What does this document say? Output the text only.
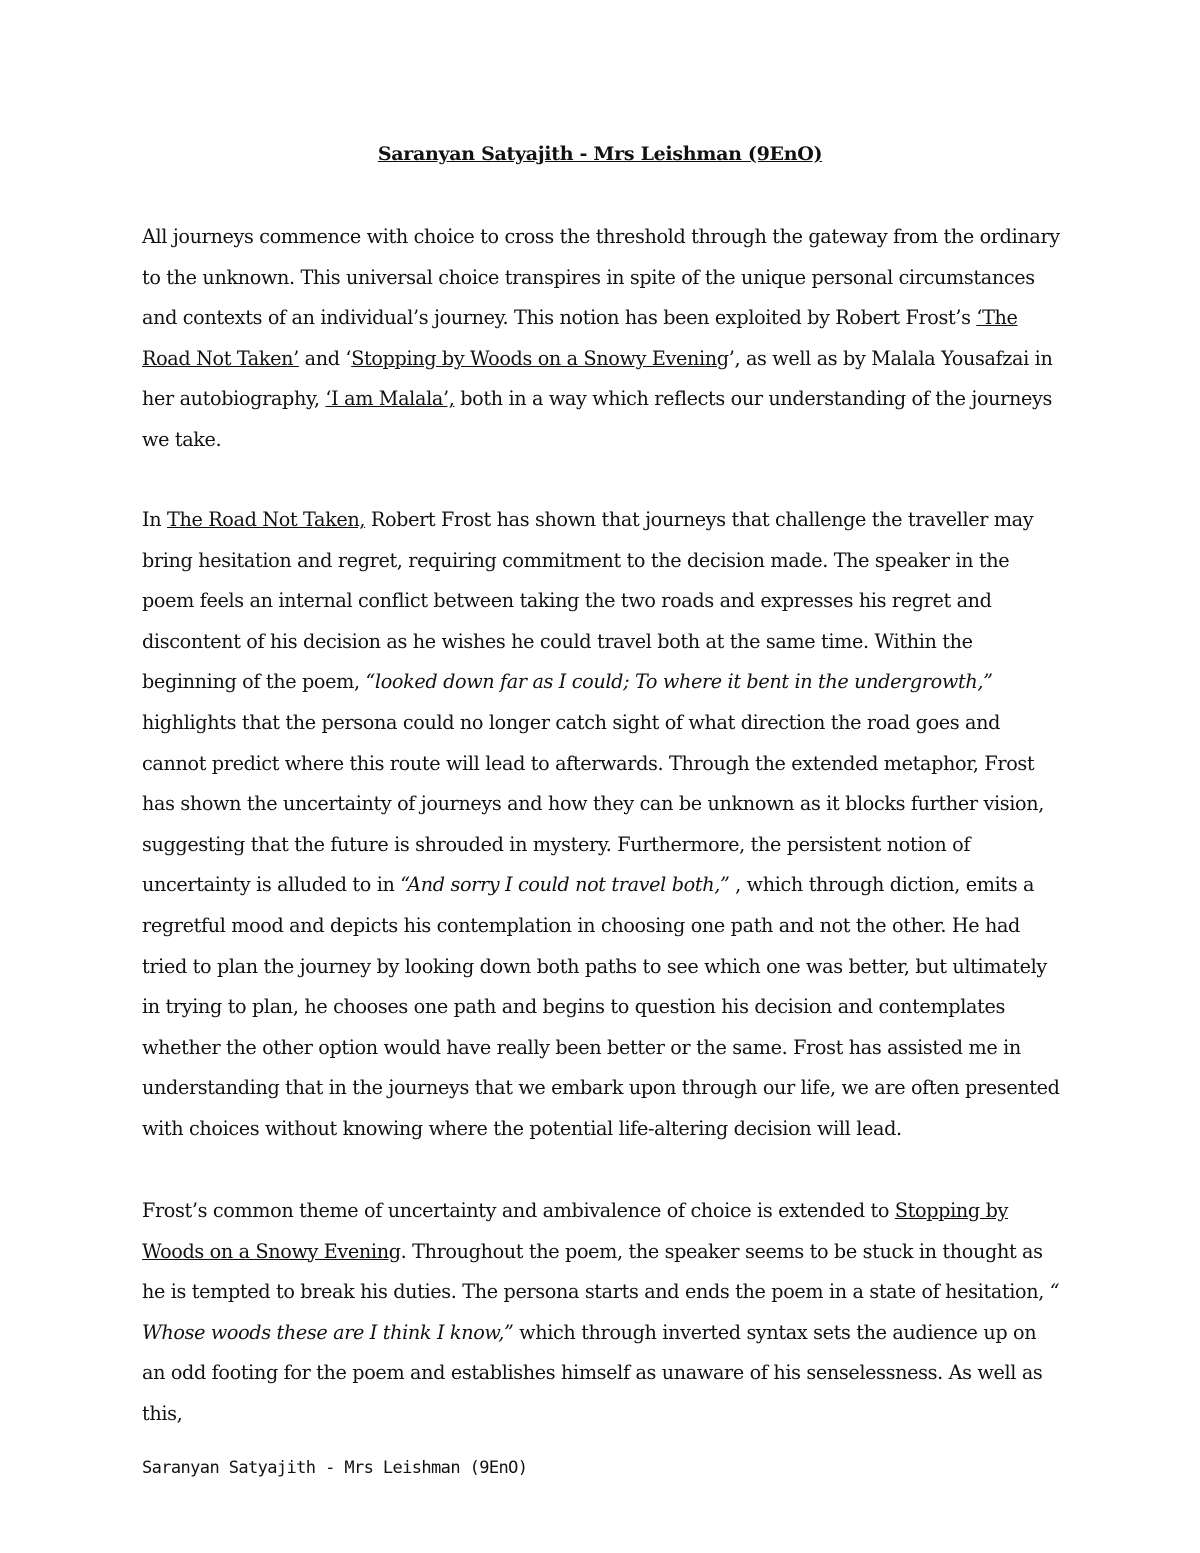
Saranyan Satyajith - Mrs Leishman (9EnO)

All journeys commence with choice to cross the threshold through the gateway from the ordinary to the unknown. This universal choice transpires in spite of the unique personal circumstances and contexts of an individual’s journey. This notion has been exploited by Robert Frost’s ‘The Road Not Taken’ and ‘Stopping by Woods on a Snowy Evening’, as well as by Malala Yousafzai in her autobiography, ‘I am Malala’, both in a way which reflects our understanding of the journeys we take.

In The Road Not Taken, Robert Frost has shown that journeys that challenge the traveller may bring hesitation and regret, requiring commitment to the decision made. The speaker in the poem feels an internal conflict between taking the two roads and expresses his regret and discontent of his decision as he wishes he could travel both at the same time. Within the beginning of the poem, “looked down far as I could; To where it bent in the undergrowth,” highlights that the persona could no longer catch sight of what direction the road goes and cannot predict where this route will lead to afterwards. Through the extended metaphor, Frost has shown the uncertainty of journeys and how they can be unknown as it blocks further vision, suggesting that the future is shrouded in mystery. Furthermore, the persistent notion of uncertainty is alluded to in “And sorry I could not travel both,” , which through diction, emits a regretful mood and depicts his contemplation in choosing one path and not the other. He had tried to plan the journey by looking down both paths to see which one was better, but ultimately in trying to plan, he chooses one path and begins to question his decision and contemplates whether the other option would have really been better or the same. Frost has assisted me in understanding that in the journeys that we embark upon through our life, we are often presented with choices without knowing where the potential life-altering decision will lead.

Frost’s common theme of uncertainty and ambivalence of choice is extended to Stopping by Woods on a Snowy Evening. Throughout the poem, the speaker seems to be stuck in thought as he is tempted to break his duties. The persona starts and ends the poem in a state of hesitation, “ Whose woods these are I think I know,” which through inverted syntax sets the audience up on an odd footing for the poem and establishes himself as unaware of his senselessness. As well as this,

Saranyan Satyajith - Mrs Leishman (9EnO)
